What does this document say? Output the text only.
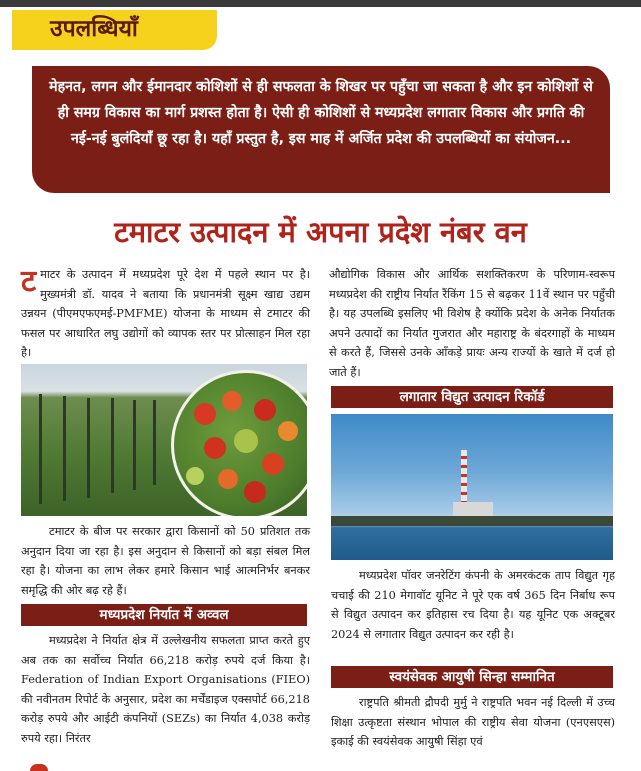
उपलब्धियाँ
मेहनत, लगन और ईमानदार कोशिशों से ही सफलता के शिखर पर पहुँचा जा सकता है और इन कोशिशों से ही समग्र विकास का मार्ग प्रशस्त होता है। ऐसी ही कोशिशों से मध्यप्रदेश लगातार विकास और प्रगति की नई-नई बुलंदियाँ छू रहा है। यहाँ प्रस्तुत है, इस माह में अर्जित प्रदेश की उपलब्धियों का संयोजन...
टमाटर उत्पादन में अपना प्रदेश नंबर वन

टमाटर के उत्पादन में मध्यप्रदेश पूरे देश में पहले स्थान पर है। मुख्यमंत्री डॉ. यादव ने बताया कि प्रधानमंत्री सूक्ष्म खाद्य उद्यम उन्नयन (पीएमएफएमई-PMFME) योजना के माध्यम से टमाटर की फसल पर आधारित लघु उद्योगों को व्यापक स्तर पर प्रोत्साहन मिल रहा है।

टमाटर के बीज पर सरकार द्वारा किसानों को 50 प्रतिशत तक अनुदान दिया जा रहा है। इस अनुदान से किसानों को बड़ा संबल मिल रहा है। योजना का लाभ लेकर हमारे किसान भाई आत्मनिर्भर बनकर समृद्धि की ओर बढ़ रहे हैं।

मध्यप्रदेश निर्यात में अव्वल

मध्यप्रदेश ने निर्यात क्षेत्र में उल्लेखनीय सफलता प्राप्त करते हुए अब तक का सर्वोच्च निर्यात 66,218 करोड़ रुपये दर्ज किया है। Federation of Indian Export Organisations (FIEO) की नवीनतम रिपोर्ट के अनुसार, प्रदेश का मर्चेंडाइज एक्सपोर्ट 66,218 करोड़ रुपये और आईटी कंपनियों (SEZs) का निर्यात 4,038 करोड़ रुपये रहा। निरंतर

औद्योगिक विकास और आर्थिक सशक्तिकरण के परिणाम-स्वरूप मध्यप्रदेश की राष्ट्रीय निर्यात रैंकिंग 15 से बढ़कर 11वें स्थान पर पहुँची है। यह उपलब्धि इसलिए भी विशेष है क्योंकि प्रदेश के अनेक निर्यातक अपने उत्पादों का निर्यात गुजरात और महाराष्ट्र के बंदरगाहों के माध्यम से करते हैं, जिससे उनके आँकड़े प्रायः अन्य राज्यों के खाते में दर्ज हो जाते हैं।

लगातार विद्युत उत्पादन रिकॉर्ड

मध्यप्रदेश पॉवर जनरेटिंग कंपनी के अमरकंटक ताप विद्युत गृह चचाई की 210 मेगावॉट यूनिट ने पूरे एक वर्ष 365 दिन निर्बाध रूप से विद्युत उत्पादन कर इतिहास रच दिया है। यह यूनिट एक अक्टूबर 2024 से लगातार विद्युत उत्पादन कर रही है।

स्वयंसेवक आयुषी सिन्हा सम्मानित

राष्ट्रपति श्रीमती द्रौपदी मुर्मु ने राष्ट्रपति भवन नई दिल्ली में उच्च शिक्षा उत्कृष्टता संस्थान भोपाल की राष्ट्रीय सेवा योजना (एनएसएस) इकाई की स्वयंसेवक आयुषी सिंहा एवं
